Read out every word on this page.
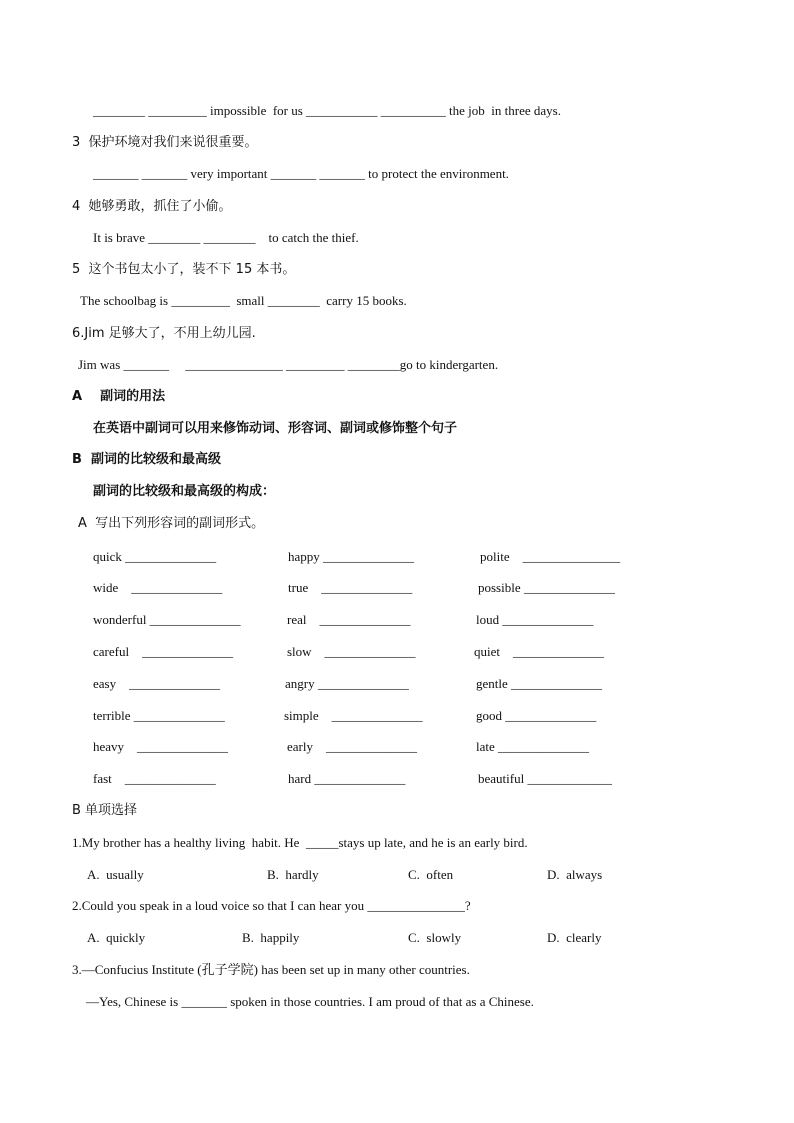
________ _________ impossible  for us ___________ __________ the job  in three days.
3  保护环境对我们来说很重要。
_______ _______ very important _______ _______ to protect the environment.
4  她够勇敢，抓住了小偷。
It is brave ________ ________    to catch the thief.
5  这个书包太小了，装不下 15 本书。
The schoolbag is _________  small ________  carry 15 books.
6.Jim 足够大了，不用上幼儿园.
Jim was _______     _______________ _________ ________go to kindergarten.
A    副词的用法
在英语中副词可以用来修饰动词、形容词、副词或修饰整个句子
B  副词的比较级和最高级
副词的比较级和最高级的构成：
A  写出下列形容词的副词形式。
quick ______________	happy ______________	polite    _______________
wide    ______________	true    ______________	possible ______________
wonderful ______________	real    ______________	loud ______________
careful    ______________	slow    ______________	quiet    ______________
easy    ______________	angry ______________	gentle ______________
terrible ______________	simple    ______________	good ______________
heavy    ______________	early    ______________	late ______________
fast    ______________	hard ______________	beautiful _____________
B 单项选择
1.My brother has a healthy living  habit. He  _____stays up late, and he is an early bird.
A.  usually	B.  hardly	C.  often	D.  always
2.Could you speak in a loud voice so that I can hear you _______________?
A.  quickly	B.  happily	C.  slowly	D.  clearly
3.—Confucius Institute (孔子学院) has been set up in many other countries.
—Yes, Chinese is _______ spoken in those countries. I am proud of that as a Chinese.
